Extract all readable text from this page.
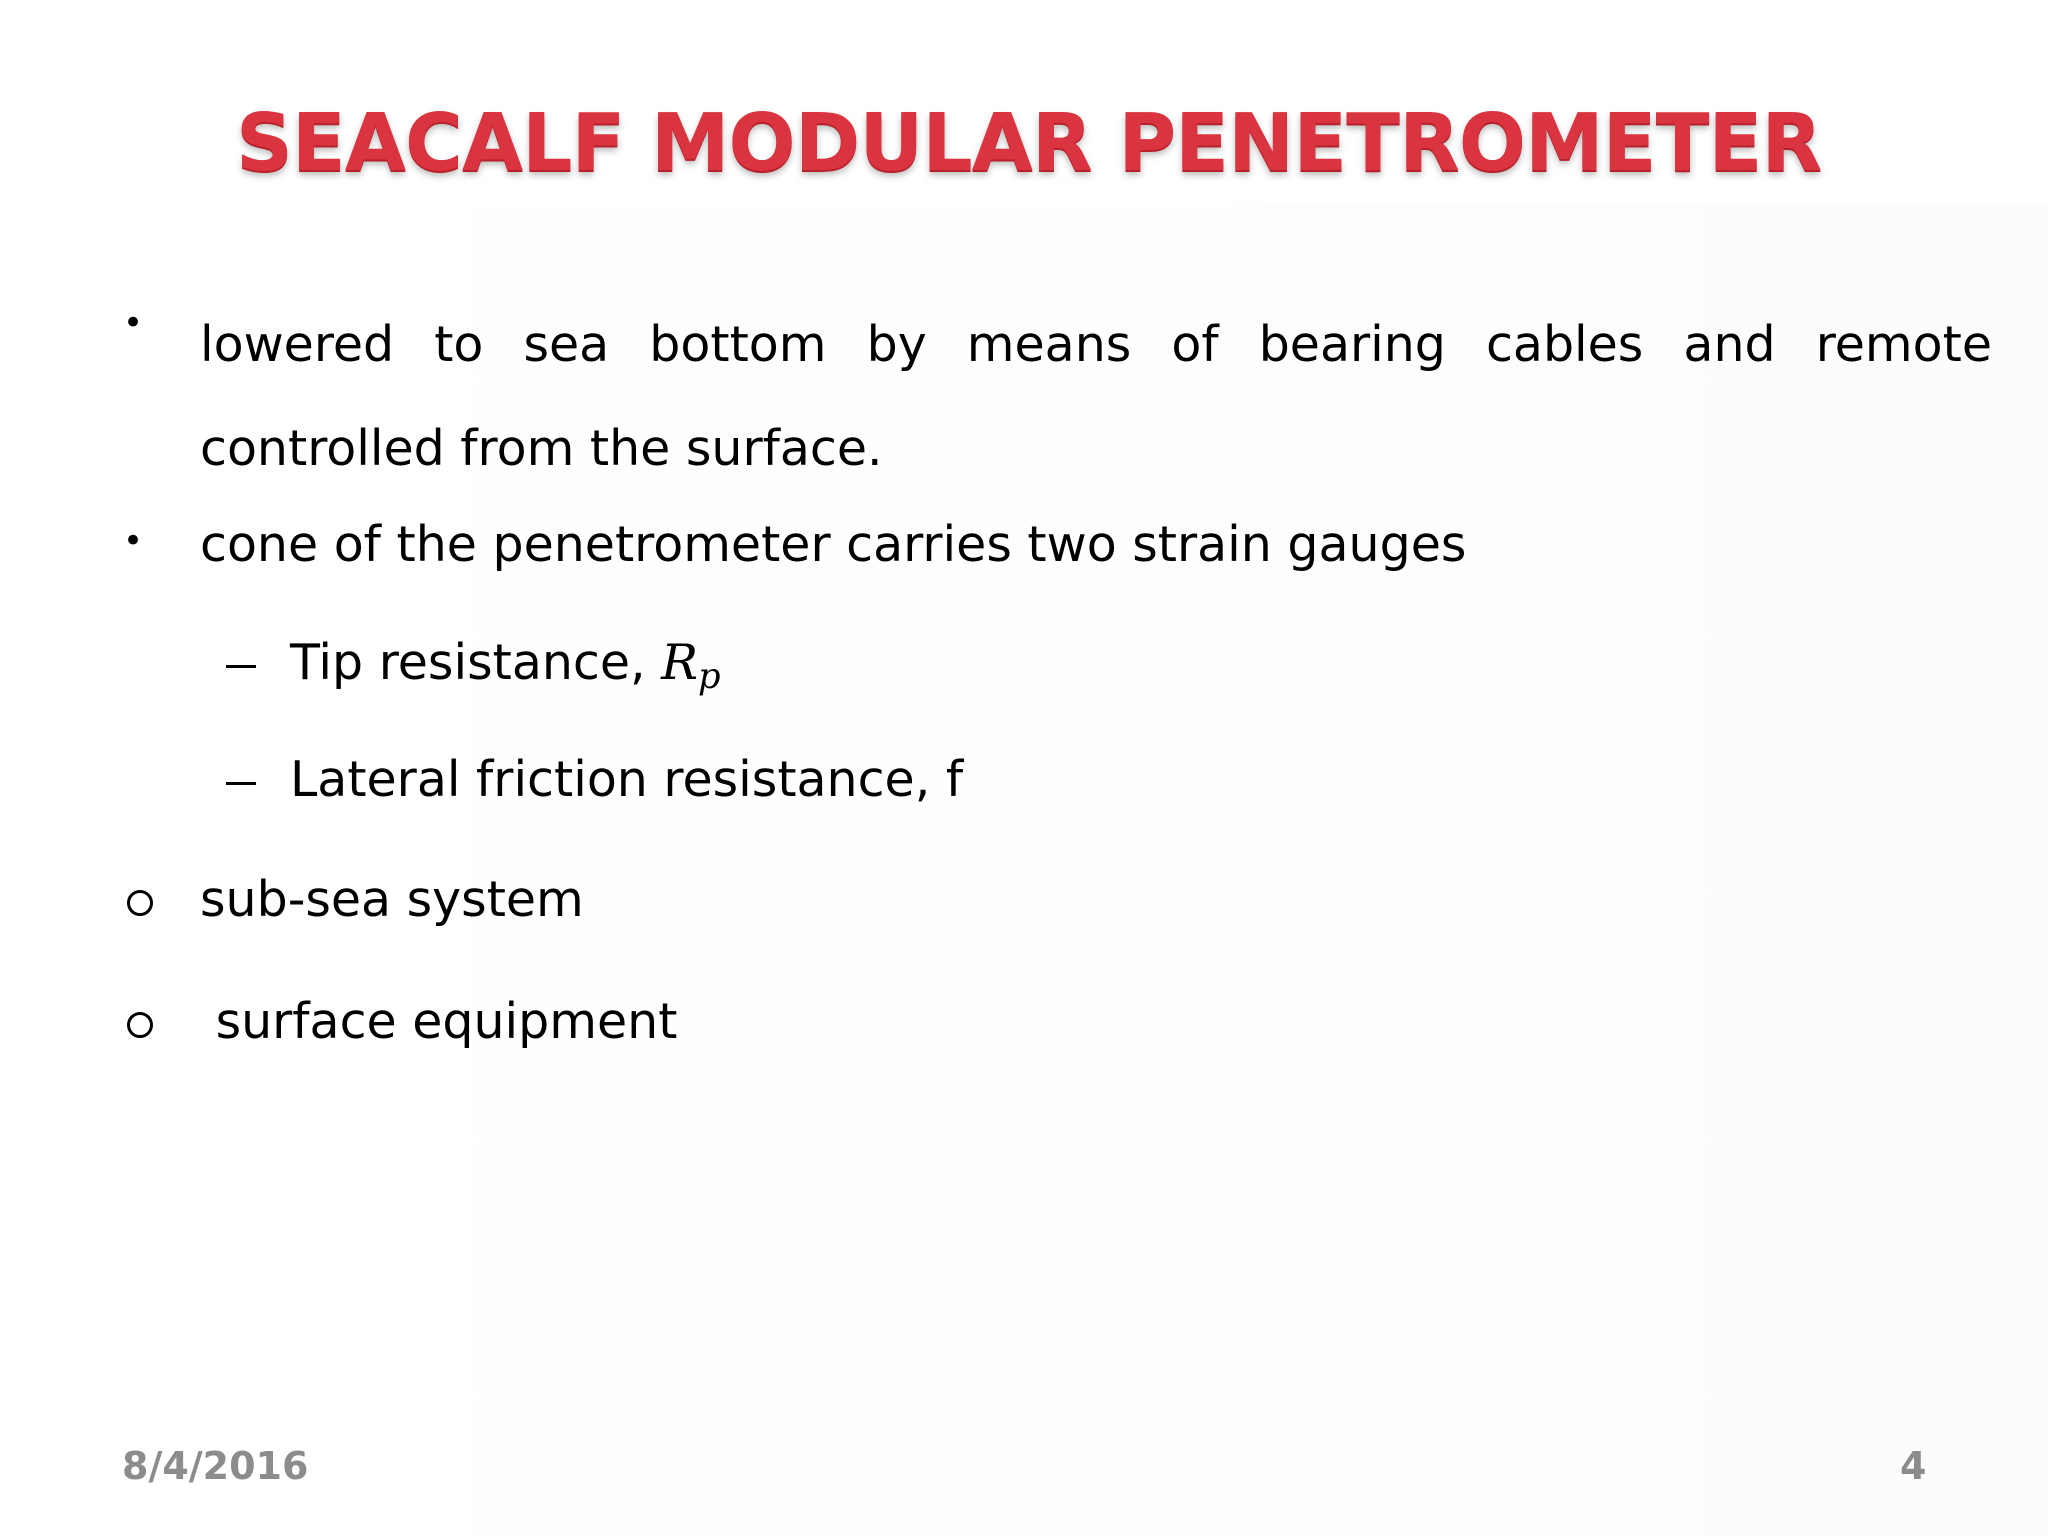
SEACALF MODULAR PENETROMETER
• lowered to sea bottom by means of bearing cables and remote controlled from the surface.
• cone of the penetrometer carries two strain gauges
Tip resistance, $R_p$
Lateral friction resistance, f
sub-sea system
surface equipment
8/4/2016	4
